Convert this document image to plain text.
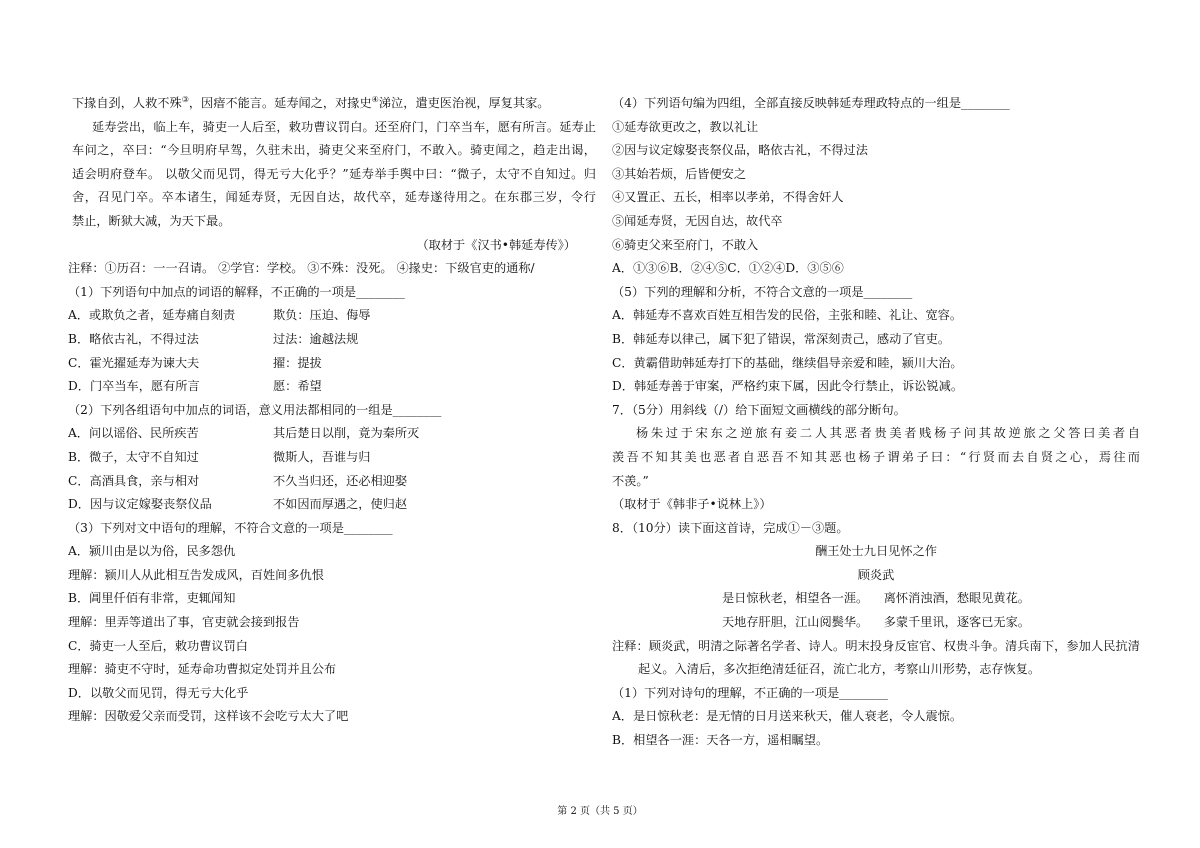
下掾自刭，人救不殊③，因瘖不能言。延寿闻之，对掾史④涕泣，遣吏医治视，厚复其家。
延寿尝出，临上车，骑吏一人后至，敕功曹议罚白。还至府门，门卒当车，愿有所言。延寿止
车问之，卒曰：“今旦明府早驾，久驻未出，骑吏父来至府门，不敢入。骑吏闻之，趋走出谒，
适会明府登车。 以敬父而见罚，得无亏大化乎？”延寿举手舆中曰：“微子，太守不自知过。归
舍，召见门卒。卒本诸生，闻延寿贤，无因自达，故代卒，延寿遂待用之。在东郡三岁，令行
禁止，断狱大减，为天下最。
（取材于《汉书•韩延寿传》）
注释：①历召：一一召请。 ②学官：学校。 ③不殊：没死。 ④掾史：下级官吏的通称/
（1）下列语句中加点的词语的解释，不正确的一项是________
A．或欺负之者，延寿痛自刻责	欺负：压迫、侮辱
B．略依古礼，不得过法	过法：逾越法规
C．霍光擢延寿为谏大夫	擢：提拔
D．门卒当车，愿有所言	愿：希望
（2）下列各组语句中加点的词语，意义用法都相同的一组是________
A．问以谣俗、民所疾苦	其后楚日以削，竟为秦所灭
B．微子，太守不自知过	微斯人，吾谁与归
C．高酒具食，亲与相对	不久当归还，还必相迎娶
D．因与议定嫁娶丧祭仪品	不如因而厚遇之，使归赵
（3）下列对文中语句的理解，不符合文意的一项是________
A．颍川由是以为俗，民多怨仇
理解：颍川人从此相互告发成风，百姓间多仇恨
B．阊里仟佰有非常，吏辄闻知
理解：里弄等道出了事，官吏就会接到报告
C．骑吏一人至后，敕功曹议罚白
理解：骑吏不守时，延寿命功曹拟定处罚并且公布
D．以敬父而见罚，得无亏大化乎
理解：因敬爱父亲而受罚，这样该不会吃亏太大了吧
（4）下列语句编为四组，全部直接反映韩延寿理政特点的一组是________
①延寿欲更改之，教以礼让
②因与议定嫁娶丧祭仪品，略依古礼，不得过法
③其始若烦，后皆便安之
④又置正、五长，相率以孝弟，不得舍奸人
⑤闻延寿贤，无因自达，故代卒
⑥骑吏父来至府门，不敢入
A．①③⑥B．②④⑤C．①②④D．③⑤⑥
（5）下列的理解和分析，不符合文意的一项是________
A．韩延寿不喜欢百姓互相告发的民俗，主张和睦、礼让、宽容。
B．韩延寿以律己，属下犯了错误，常深刻责己，感动了官吏。
C．黄霸借助韩延寿打下的基础，继续倡导亲爱和睦，颍川大治。
D．韩延寿善于审案，严格约束下属，因此令行禁止，诉讼锐减。
7．（5分）用斜线（/）给下面短文画横线的部分断句。
杨朱过于宋东之逆旅有妾二人其恶者贵美者贱杨子问其故逆旅之父答曰美者自
羡吾不知其美也恶者自恶吾不知其恶也杨子谓弟子曰：“行贤而去自贤之心，焉往而
不羡。”
（取材于《韩非子•说林上》）
8．（10分）读下面这首诗，完成①－③题。
酬王处士九日见怀之作
顾炎武
是日惊秋老，相望各一涯。    离怀消浊酒，愁眼见黄花。
天地存肝胆，江山阅鬓华。    多蒙千里讯，逐客已无家。
注释：顾炎武，明清之际著名学者、诗人。明末投身反宦官、权贵斗争。清兵南下，参加人民抗清
起义。入清后，多次拒绝清廷征召，流亡北方，考察山川形势，志存恢复。
（1）下列对诗句的理解，不正确的一项是________
A．是日惊秋老：是无情的日月送来秋天，催人衰老，令人震惊。
B．相望各一涯：天各一方，遥相瞩望。
第 2 页（共 5 页）
